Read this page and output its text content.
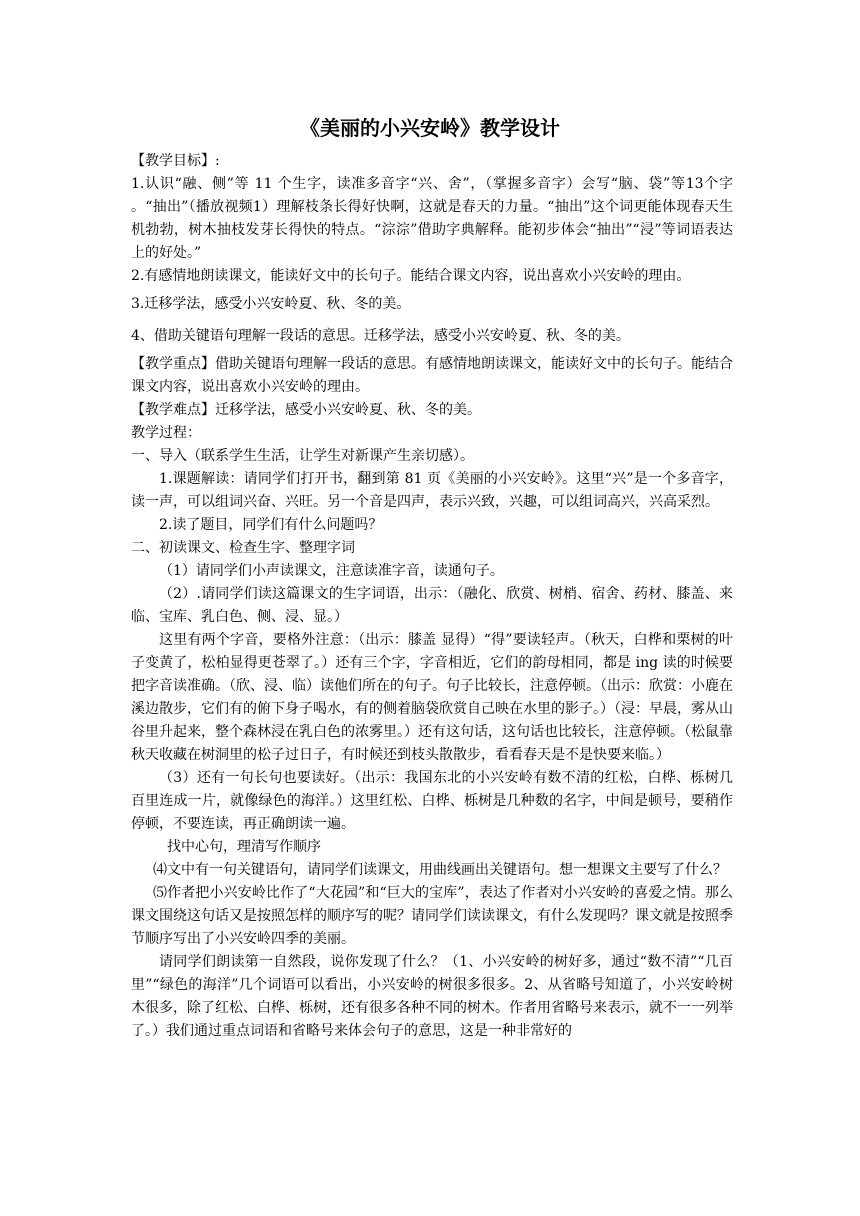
《美丽的小兴安岭》教学设计

【教学目标】:

1.认识“融、侧”等 11 个生字，读准多音字“兴、舍”，（掌握多音字）会写“脑、袋”等13个字 。“抽出”（播放视频1）理解枝条长得好快啊，这就是春天的力量。“抽出”这个词更能体现春天生机勃勃，树木抽枝发芽长得快的特点。“淙淙”借助字典解释。能初步体会“抽出”“浸”等词语表达上的好处。”

2.有感情地朗读课文，能读好文中的长句子。能结合课文内容，说出喜欢小兴安岭的理由。

3.迁移学法，感受小兴安岭夏、秋、冬的美。

4、借助关键语句理解一段话的意思。迁移学法，感受小兴安岭夏、秋、冬的美。

【教学重点】借助关键语句理解一段话的意思。有感情地朗读课文，能读好文中的长句子。能结合课文内容，说出喜欢小兴安岭的理由。

【教学难点】迁移学法，感受小兴安岭夏、秋、冬的美。

教学过程：

一、导入（联系学生生活，让学生对新课产生亲切感）。

1.课题解读：请同学们打开书，翻到第 81 页《美丽的小兴安岭》。这里“兴”是一个多音字，读一声，可以组词兴奋、兴旺。另一个音是四声，表示兴致，兴趣，可以组词高兴，兴高采烈。

2.读了题目，同学们有什么问题吗？

二、初读课文、检查生字、整理字词

（1）请同学们小声读课文，注意读准字音，读通句子。

（2）.请同学们读这篇课文的生字词语，出示：（融化、欣赏、树梢、宿舍、药材、膝盖、来临、宝库、乳白色、侧、浸、显。）

这里有两个字音，要格外注意：（出示：膝盖 显得）“得”要读轻声。（秋天，白桦和栗树的叶子变黄了，松柏显得更苍翠了。）还有三个字，字音相近，它们的韵母相同，都是 ing 读的时候要把字音读准确。（欣、浸、临）读他们所在的句子。句子比较长，注意停顿。（出示：欣赏：小鹿在溪边散步，它们有的俯下身子喝水，有的侧着脑袋欣赏自己映在水里的影子。）（浸：早晨，雾从山谷里升起来，整个森林浸在乳白色的浓雾里。）还有这句话，这句话也比较长，注意停顿。（松鼠靠秋天收藏在树洞里的松子过日子，有时候还到枝头散散步，看看春天是不是快要来临。）

（3）还有一句长句也要读好。（出示：我国东北的小兴安岭有数不清的红松，白桦、栎树几百里连成一片，就像绿色的海洋。）这里红松、白桦、栎树是几种数的名字，中间是顿号，要稍作停顿，不要连读，再正确朗读一遍。

找中心句，理清写作顺序

⑷文中有一句关键语句，请同学们读课文，用曲线画出关键语句。想一想课文主要写了什么？

⑸作者把小兴安岭比作了“大花园”和“巨大的宝库”，表达了作者对小兴安岭的喜爱之情。那么课文围绕这句话又是按照怎样的顺序写的呢？请同学们读读课文，有什么发现吗？课文就是按照季节顺序写出了小兴安岭四季的美丽。

请同学们朗读第一自然段，说你发现了什么？（1、小兴安岭的树好多，通过“数不清”“几百里”“绿色的海洋”几个词语可以看出，小兴安岭的树很多很多。2、从省略号知道了，小兴安岭树木很多，除了红松、白桦、栎树，还有很多各种不同的树木。作者用省略号来表示，就不一一列举了。）我们通过重点词语和省略号来体会句子的意思，这是一种非常好的
